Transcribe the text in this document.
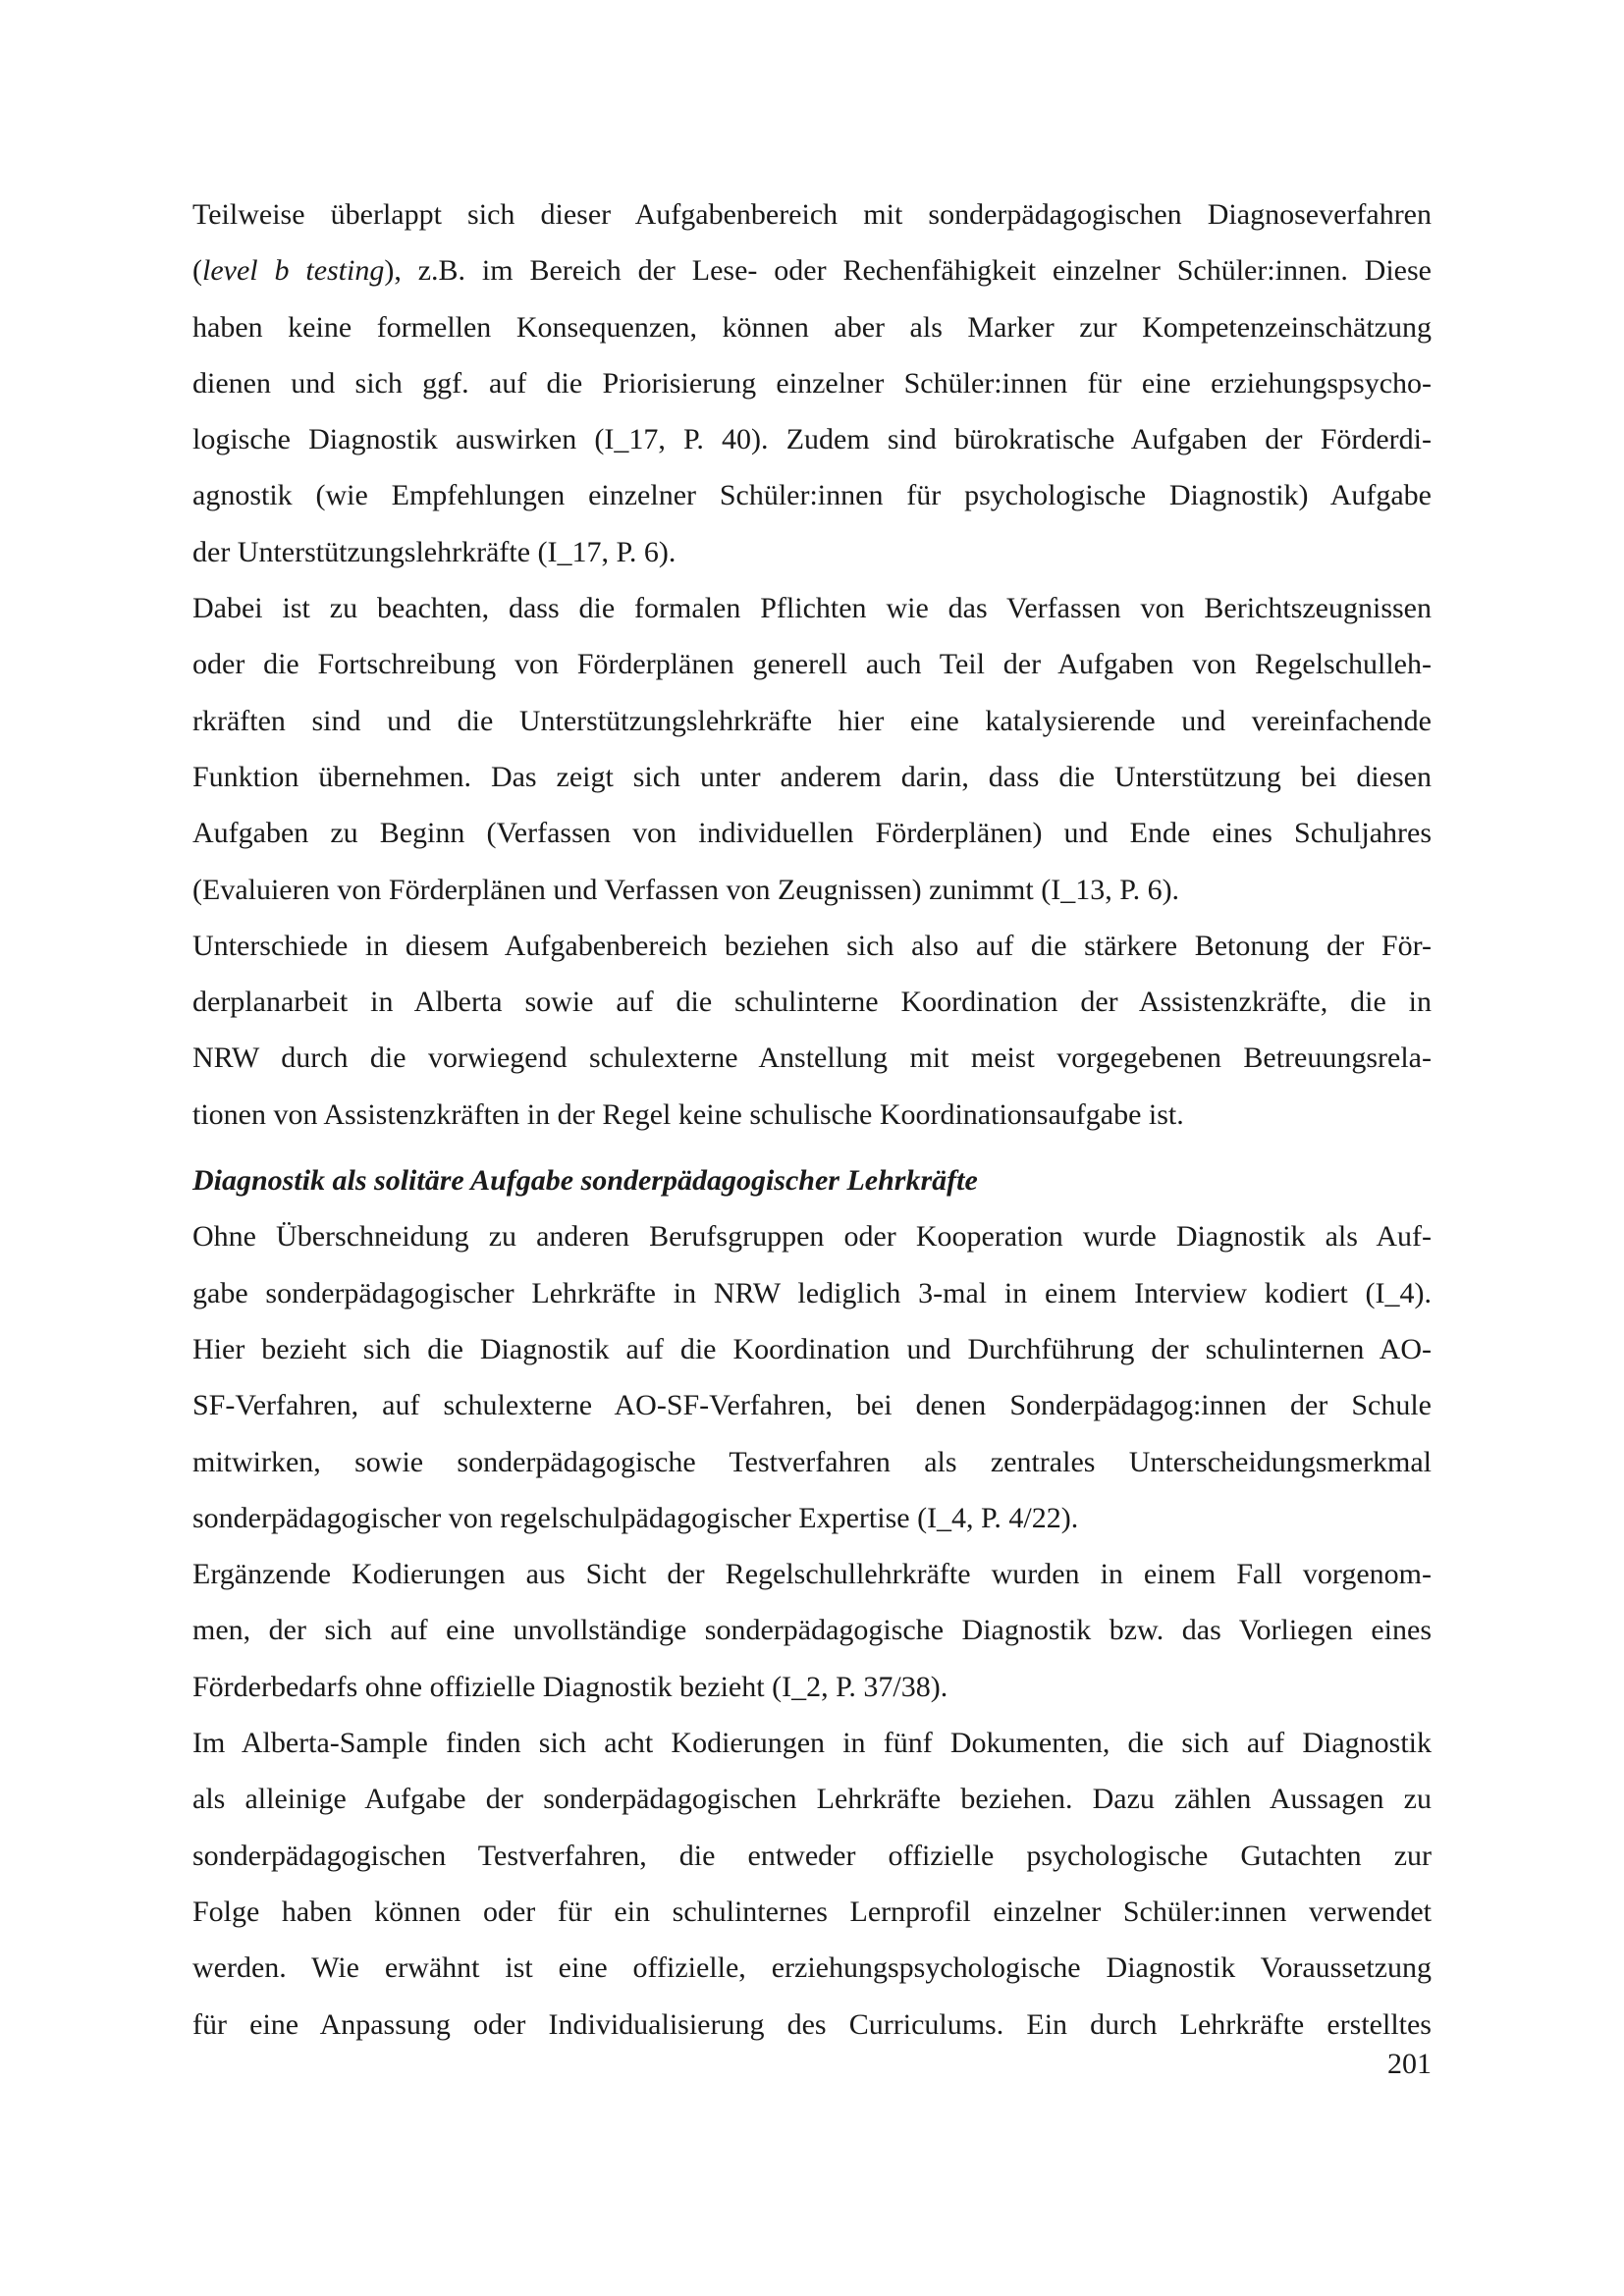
Teilweise überlappt sich dieser Aufgabenbereich mit sonderpädagogischen Diagnoseverfahren
(level b testing), z.B. im Bereich der Lese- oder Rechenfähigkeit einzelner Schüler:innen. Diese
haben keine formellen Konsequenzen, können aber als Marker zur Kompetenzeinschätzung
dienen und sich ggf. auf die Priorisierung einzelner Schüler:innen für eine erziehungspsycho-
logische Diagnostik auswirken (I_17, P. 40). Zudem sind bürokratische Aufgaben der Förderdi-
agnostik (wie Empfehlungen einzelner Schüler:innen für psychologische Diagnostik) Aufgabe
der Unterstützungslehrkräfte (I_17, P. 6).
Dabei ist zu beachten, dass die formalen Pflichten wie das Verfassen von Berichtszeugnissen
oder die Fortschreibung von Förderplänen generell auch Teil der Aufgaben von Regelschulleh-
rkräften sind und die Unterstützungslehrkräfte hier eine katalysierende und vereinfachende
Funktion übernehmen. Das zeigt sich unter anderem darin, dass die Unterstützung bei diesen
Aufgaben zu Beginn (Verfassen von individuellen Förderplänen) und Ende eines Schuljahres
(Evaluieren von Förderplänen und Verfassen von Zeugnissen) zunimmt (I_13, P. 6).
Unterschiede in diesem Aufgabenbereich beziehen sich also auf die stärkere Betonung der För-
derplanarbeit in Alberta sowie auf die schulinterne Koordination der Assistenzkräfte, die in
NRW durch die vorwiegend schulexterne Anstellung mit meist vorgegebenen Betreuungsrela-
tionen von Assistenzkräften in der Regel keine schulische Koordinationsaufgabe ist.
Diagnostik als solitäre Aufgabe sonderpädagogischer Lehrkräfte
Ohne Überschneidung zu anderen Berufsgruppen oder Kooperation wurde Diagnostik als Auf-
gabe sonderpädagogischer Lehrkräfte in NRW lediglich 3-mal in einem Interview kodiert (I_4).
Hier bezieht sich die Diagnostik auf die Koordination und Durchführung der schulinternen AO-
SF-Verfahren, auf schulexterne AO-SF-Verfahren, bei denen Sonderpädagog:innen der Schule
mitwirken, sowie sonderpädagogische Testverfahren als zentrales Unterscheidungsmerkmal
sonderpädagogischer von regelschulpädagogischer Expertise (I_4, P. 4/22).
Ergänzende Kodierungen aus Sicht der Regelschullehrkräfte wurden in einem Fall vorgenom-
men, der sich auf eine unvollständige sonderpädagogische Diagnostik bzw. das Vorliegen eines
Förderbedarfs ohne offizielle Diagnostik bezieht (I_2, P. 37/38).
Im Alberta-Sample finden sich acht Kodierungen in fünf Dokumenten, die sich auf Diagnostik
als alleinige Aufgabe der sonderpädagogischen Lehrkräfte beziehen. Dazu zählen Aussagen zu
sonderpädagogischen Testverfahren, die entweder offizielle psychologische Gutachten zur
Folge haben können oder für ein schulinternes Lernprofil einzelner Schüler:innen verwendet
werden. Wie erwähnt ist eine offizielle, erziehungspsychologische Diagnostik Voraussetzung
für eine Anpassung oder Individualisierung des Curriculums. Ein durch Lehrkräfte erstelltes
201
